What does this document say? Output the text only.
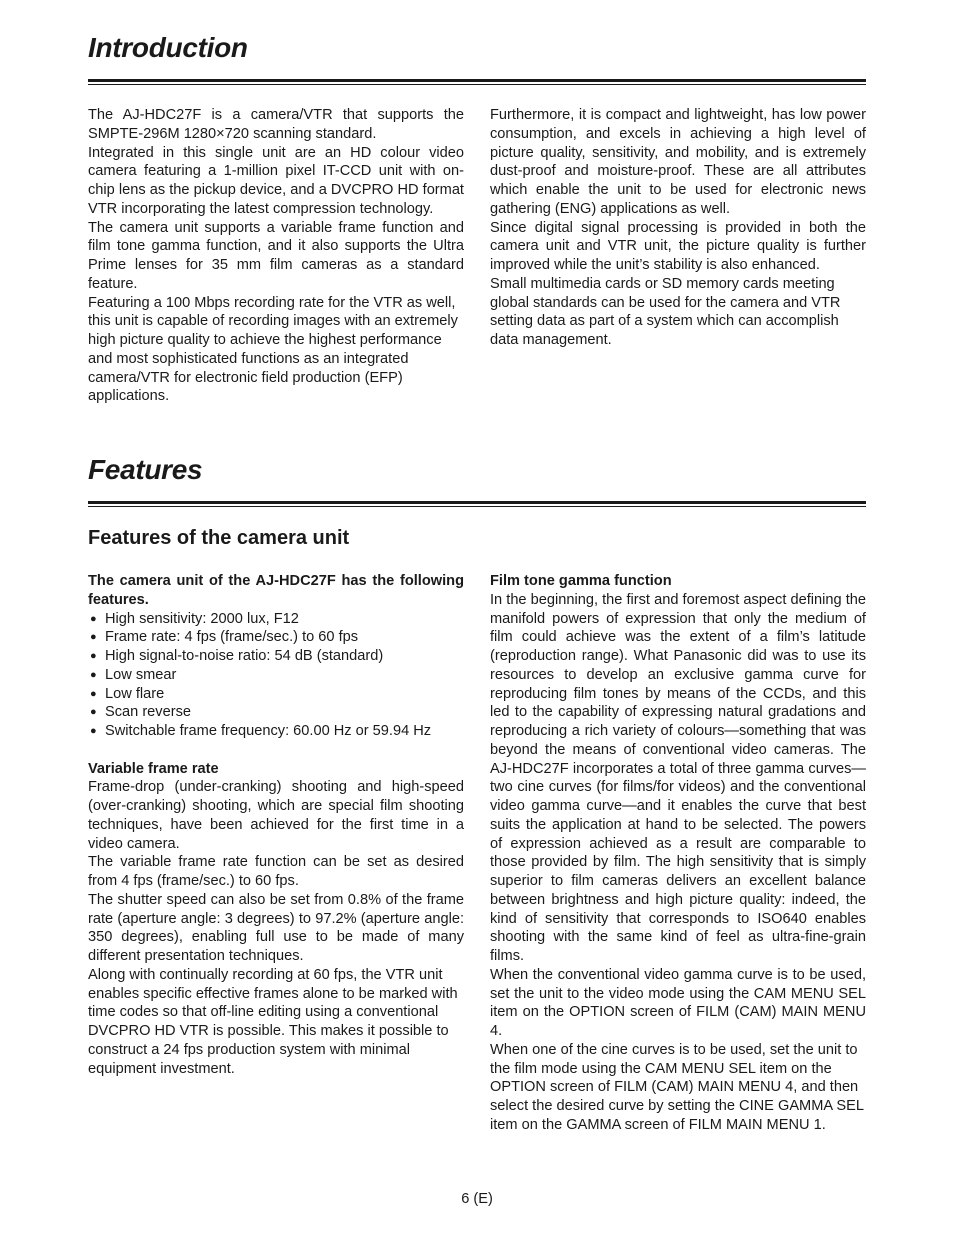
Introduction

The AJ-HDC27F is a camera/VTR that supports the SMPTE-296M 1280×720 scanning standard.

Integrated in this single unit are an HD colour video camera featuring a 1-million pixel IT-CCD unit with on-chip lens as the pickup device, and a DVCPRO HD format VTR incorporating the latest compression technology.

The camera unit supports a variable frame function and film tone gamma function, and it also supports the Ultra Prime lenses for 35 mm film cameras as a standard feature.

Featuring a 100 Mbps recording rate for the VTR as well, this unit is capable of recording images with an extremely high picture quality to achieve the highest performance and most sophisticated functions as an integrated camera/VTR for electronic field production (EFP) applications.

Furthermore, it is compact and lightweight, has low power consumption, and excels in achieving a high level of picture quality, sensitivity, and mobility, and is extremely dust-proof and moisture-proof. These are all attributes which enable the unit to be used for electronic news gathering (ENG) applications as well.

Since digital signal processing is provided in both the camera unit and VTR unit, the picture quality is further improved while the unit’s stability is also enhanced.

Small multimedia cards or SD memory cards meeting global standards can be used for the camera and VTR setting data as part of a system which can accomplish data management.

Features
Features of the camera unit

The camera unit of the AJ-HDC27F has the following features.

● High sensitivity: 2000 lux, F12
● Frame rate: 4 fps (frame/sec.) to 60 fps
● High signal-to-noise ratio: 54 dB (standard)
● Low smear
● Low flare
● Scan reverse
● Switchable frame frequency: 60.00 Hz or 59.94 Hz

Variable frame rate

Frame-drop (under-cranking) shooting and high-speed (over-cranking) shooting, which are special film shooting techniques, have been achieved for the first time in a video camera.

The variable frame rate function can be set as desired from 4 fps (frame/sec.) to 60 fps.

The shutter speed can also be set from 0.8% of the frame rate (aperture angle: 3 degrees) to 97.2% (aperture angle: 350 degrees), enabling full use to be made of many different presentation techniques.

Along with continually recording at 60 fps, the VTR unit enables specific effective frames alone to be marked with time codes so that off-line editing using a conventional DVCPRO HD VTR is possible. This makes it possible to construct a 24 fps production system with minimal equipment investment.

Film tone gamma function

In the beginning, the first and foremost aspect defining the manifold powers of expression that only the medium of film could achieve was the extent of a film’s latitude (reproduction range). What Panasonic did was to use its resources to develop an exclusive gamma curve for reproducing film tones by means of the CCDs, and this led to the capability of expressing natural gradations and reproducing a rich variety of colours—something that was beyond the means of conventional video cameras. The AJ-HDC27F incorporates a total of three gamma curves—two cine curves (for films/for videos) and the conventional video gamma curve—and it enables the curve that best suits the application at hand to be selected. The powers of expression achieved as a result are comparable to those provided by film. The high sensitivity that is simply superior to film cameras delivers an excellent balance between brightness and high picture quality: indeed, the kind of sensitivity that corresponds to ISO640 enables shooting with the same kind of feel as ultra-fine-grain films.

When the conventional video gamma curve is to be used, set the unit to the video mode using the CAM MENU SEL item on the OPTION screen of FILM (CAM) MAIN MENU 4.

When one of the cine curves is to be used, set the unit to the film mode using the CAM MENU SEL item on the OPTION screen of FILM (CAM) MAIN MENU 4, and then select the desired curve by setting the CINE GAMMA SEL item on the GAMMA screen of FILM MAIN MENU 1.

6 (E)
